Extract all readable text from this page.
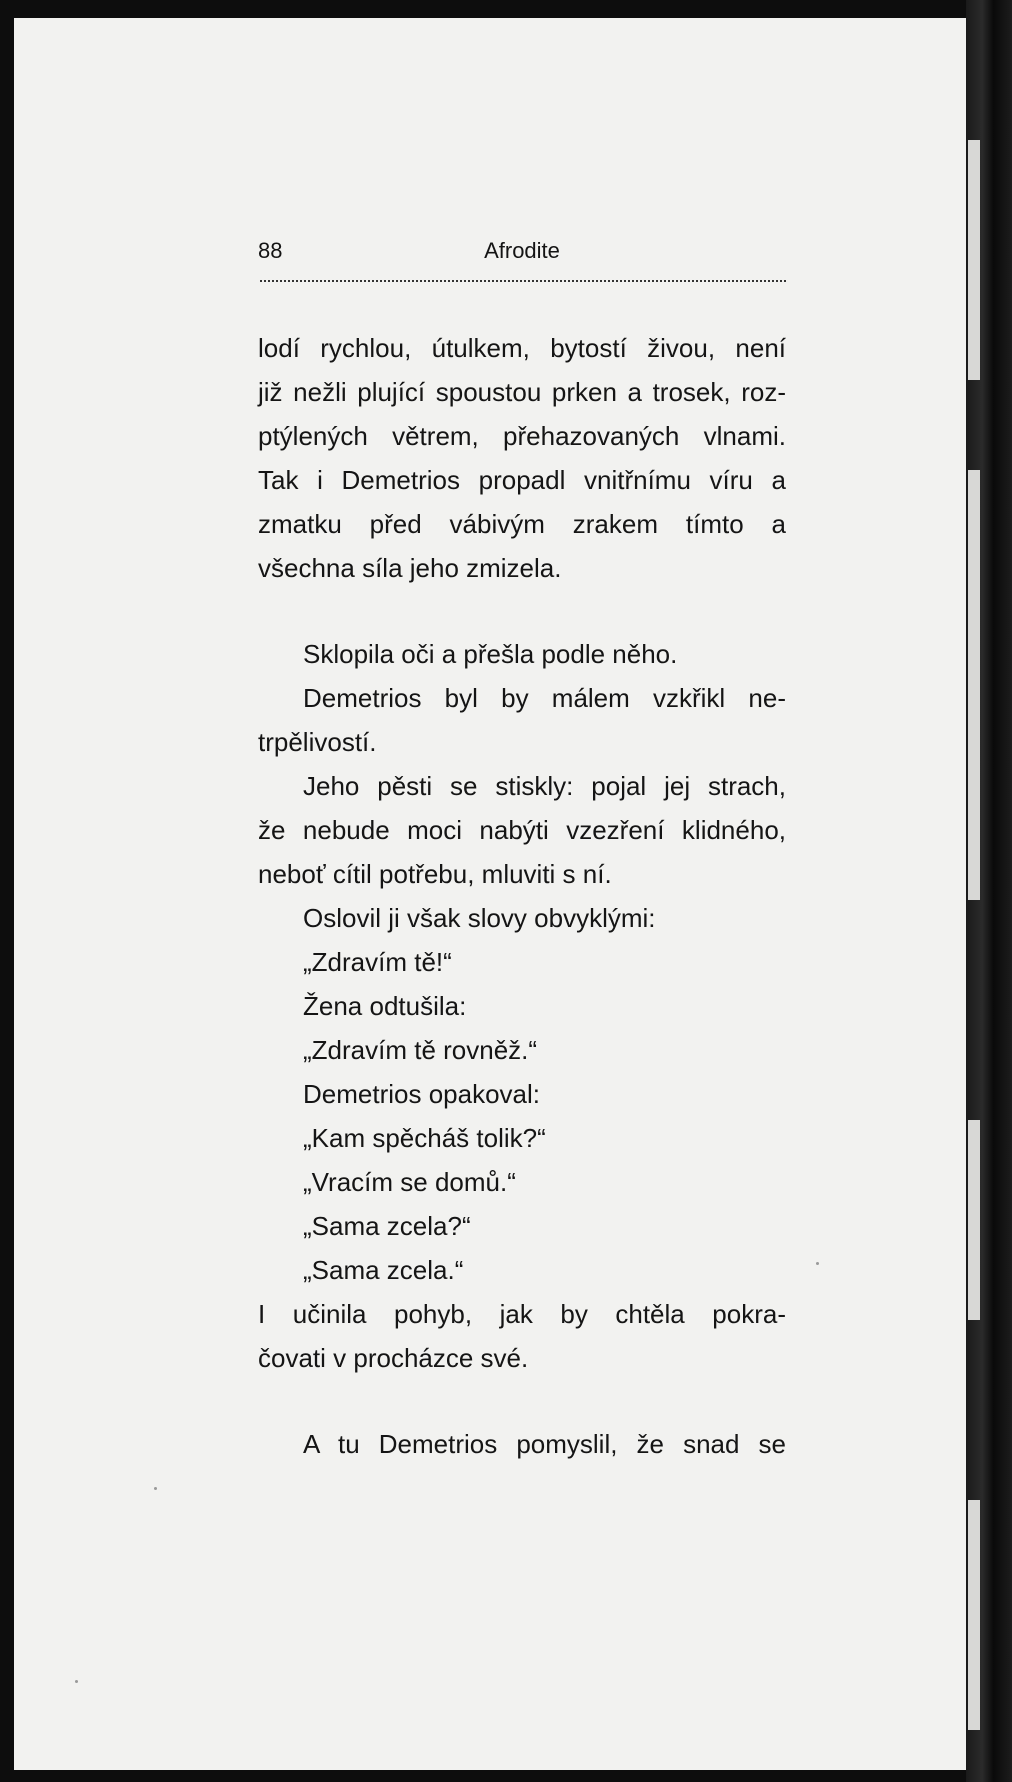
88	Afrodite
lodí rychlou, útulkem, bytostí živou, není
již nežli plující spoustou prken a trosek, roz-
ptýlených větrem, přehazovaných vlnami.
Tak i Demetrios propadl vnitřnímu víru a
zmatku před vábivým zrakem tímto a
všechna síla jeho zmizela.
Sklopila oči a přešla podle něho.
Demetrios byl by málem vzkřikl ne-
trpělivostí.
Jeho pěsti se stiskly: pojal jej strach,
že nebude moci nabýti vzezření klidného,
neboť cítil potřebu, mluviti s ní.
Oslovil ji však slovy obvyklými:
„Zdravím tě!“
Žena odtušila:
„Zdravím tě rovněž.“
Demetrios opakoval:
„Kam spěcháš tolik?“
„Vracím se domů.“
„Sama zcela?“
„Sama zcela.“
I učinila pohyb, jak by chtěla pokra-
čovati v procházce své.
A tu Demetrios pomyslil, že snad se
